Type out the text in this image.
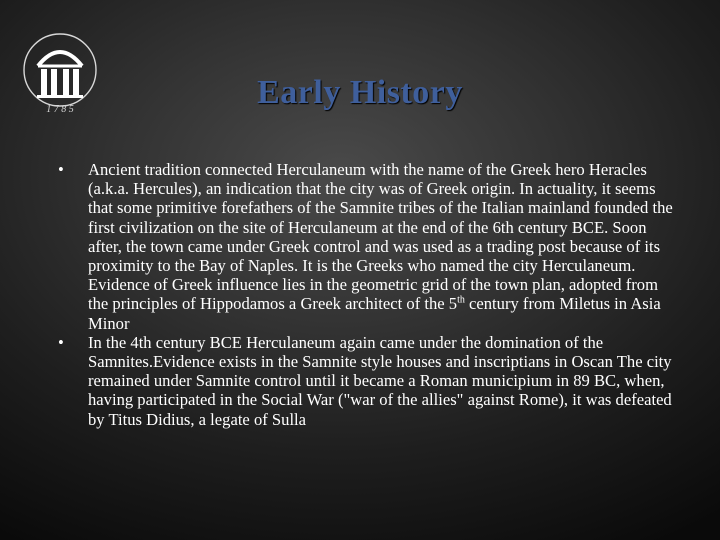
1 7 8 5	Early History
• Ancient tradition connected Herculaneum with the name of the Greek hero Heracles (a.k.a. Hercules), an indication that the city was of Greek origin. In actuality, it seems that some primitive forefathers of the Samnite tribes of the Italian mainland founded the first civilization on the site of Herculaneum at the end of the 6th century BCE. Soon after, the town came under Greek control and was used as a trading post because of its proximity to the Bay of Naples. It is the Greeks who named the city Herculaneum. Evidence of Greek influence lies in the geometric grid of the town plan, adopted from the principles of Hippodamos a Greek architect of the 5th century from Miletus in Asia Minor
• In the 4th century BCE Herculaneum again came under the domination of the Samnites.Evidence exists in the Samnite style houses and inscriptians in Oscan The city remained under Samnite control until it became a Roman municipium in 89 BC, when, having participated in the Social War ("war of the allies" against Rome), it was defeated by Titus Didius, a legate of Sulla
